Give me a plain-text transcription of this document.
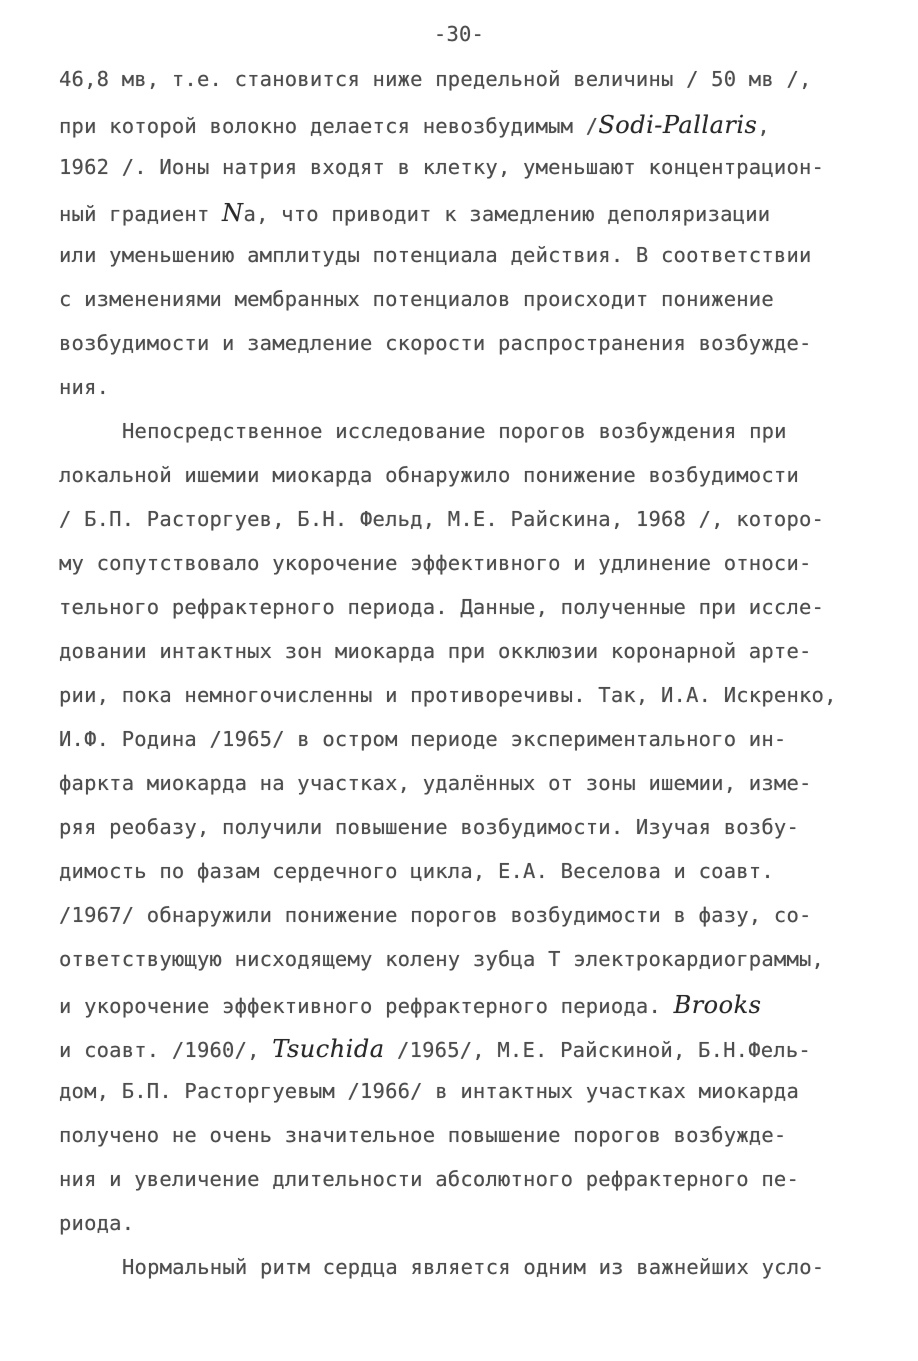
-30-
46,8 мв, т.е. становится ниже предельной величины / 50 мв /,
при которой волокно делается невозбудимым /Sodi-Pallaris,
1962 /. Ионы натрия входят в клетку, уменьшают концентрацион-
ный градиент Nа, что приводит к замедлению деполяризации
или уменьшению амплитуды потенциала действия. В соответствии
с изменениями мембранных потенциалов происходит понижение
возбудимости и замедление скорости распространения возбужде-
ния.
Непосредственное исследование порогов возбуждения при
локальной ишемии миокарда обнаружило понижение возбудимости
/ Б.П. Расторгуев, Б.Н. Фельд, М.Е. Райскина, 1968 /, которо-
му сопутствовало укорочение эффективного и удлинение относи-
тельного рефрактерного периода. Данные, полученные при иссле-
довании интактных зон миокарда при окклюзии коронарной арте-
рии, пока немногочисленны и противоречивы. Так, И.А. Искренко,
И.Ф. Родина /1965/ в остром периоде экспериментального ин-
фаркта миокарда на участках, удалённых от зоны ишемии, изме-
ряя реобазу, получили повышение возбудимости. Изучая возбу-
димость по фазам сердечного цикла, Е.А. Веселова и соавт.
/1967/ обнаружили понижение порогов возбудимости в фазу, со-
ответствующую нисходящему колену зубца Т электрокардиограммы,
и укорочение эффективного рефрактерного периода. Brooks
и соавт. /1960/, Tsuchida /1965/, М.Е. Райскиной, Б.Н.Фель-
дом, Б.П. Расторгуевым /1966/ в интактных участках миокарда
получено не очень значительное повышение порогов возбужде-
ния и увеличение длительности абсолютного рефрактерного пе-
риода.
Нормальный ритм сердца является одним из важнейших усло-
